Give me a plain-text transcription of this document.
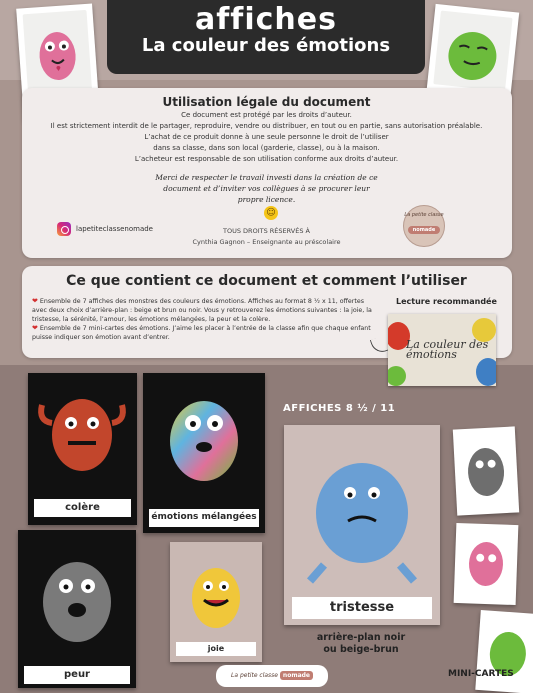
affiches
La couleur des émotions
Utilisation légale du document
Ce document est protégé par les droits d’auteur.
Il est strictement interdit de le partager, reproduire, vendre ou distribuer, en tout ou en partie, sans autorisation préalable.
L’achat de ce produit donne à une seule personne le droit de l’utiliser
dans sa classe, dans son local (garderie, classe), ou à la maison.
L’acheteur est responsable de son utilisation conforme aux droits d’auteur.
Merci de respecter le travail investi dans la création de ce document et d’inviter vos collègues à se procurer leur propre licence.
☺
TOUS DROITS RÉSERVÉS À
Cynthia Gagnon – Enseignante au préscolaire
lapetiteclassenomade
La petite classe
nomade
Ce que contient ce document et comment l’utiliser
❤ Ensemble de 7 affiches des monstres des couleurs des émotions. Affiches au format 8 ½ x 11, offertes avec deux choix d’arrière-plan : beige et brun ou noir. Vous y retrouverez les émotions suivantes : la joie, la tristesse, la sérénité, l’amour, les émotions mélangées, la peur et la colère.
❤ Ensemble de 7 mini-cartes des émotions. J’aime les placer à l’entrée de la classe afin que chaque enfant puisse indiquer son émotion avant d’entrer.
Lecture recommandée
La couleur des émotions
colère
émotions mélangées
peur
joie
tristesse
AFFICHES 8 ½ / 11
arrière-plan noir
ou beige-brun
MINI-CARTES
La petite classe nomade
